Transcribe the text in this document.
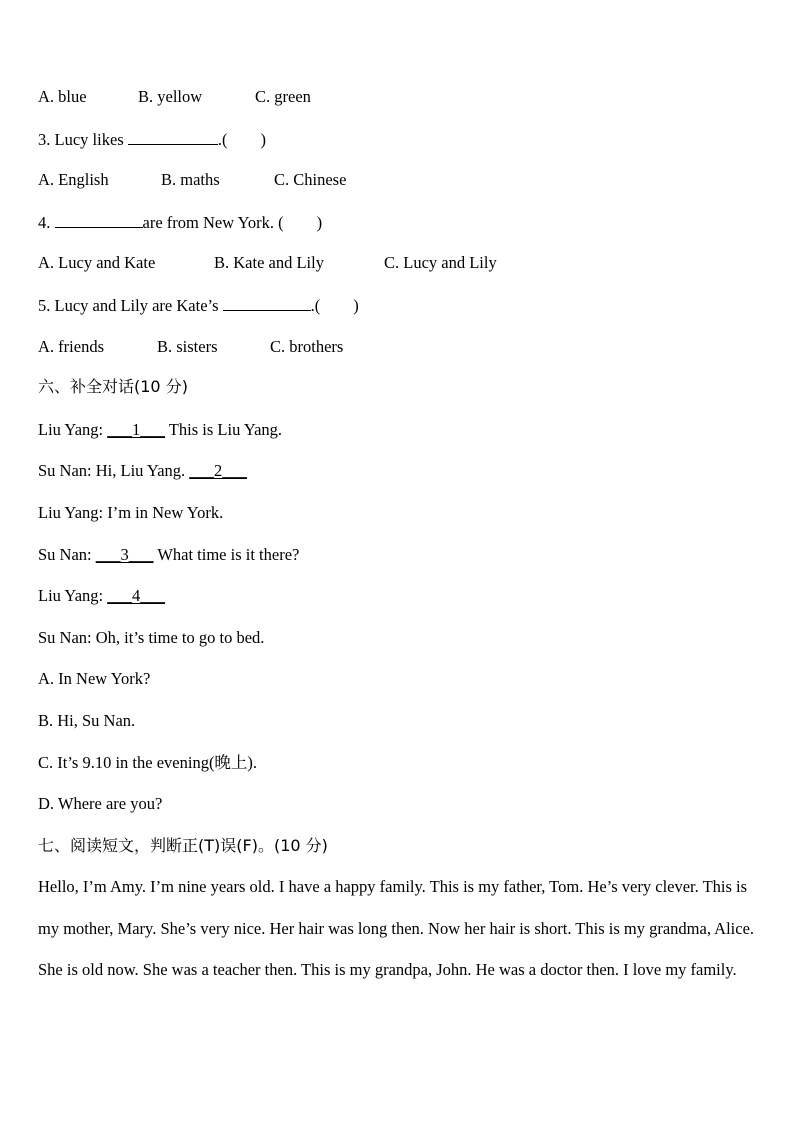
A. blue	B. yellow	C. green
3. Lucy likes	.(　　)
A. English	B. maths	C. Chinese
4.	are from New York. (　　)
A. Lucy and Kate	B. Kate and Lily	C. Lucy and Lily
5. Lucy and Lily are Kate’s	.(　　)
A. friends	B. sisters	C. brothers
六、补全对话(10 分)
Liu Yang: ___1___ This is Liu Yang.
Su Nan: Hi, Liu Yang. ___2___
Liu Yang: I’m in New York.
Su Nan: ___3___ What time is it there?
Liu Yang: ___4___
Su Nan: Oh, it’s time to go to bed.
A. In New York?
B. Hi, Su Nan.
C. It’s 9.10 in the evening(晚上).
D. Where are you?
七、阅读短文，判断正(T)误(F)。(10 分)
Hello, I’m Amy. I’m nine years old. I have a happy family. This is my father, Tom. He’s very clever. This is my mother, Mary. She’s very nice. Her hair was long then. Now her hair is short. This is my grandma, Alice. She is old now. She was a teacher then. This is my grandpa, John. He was a doctor then. I love my family.
